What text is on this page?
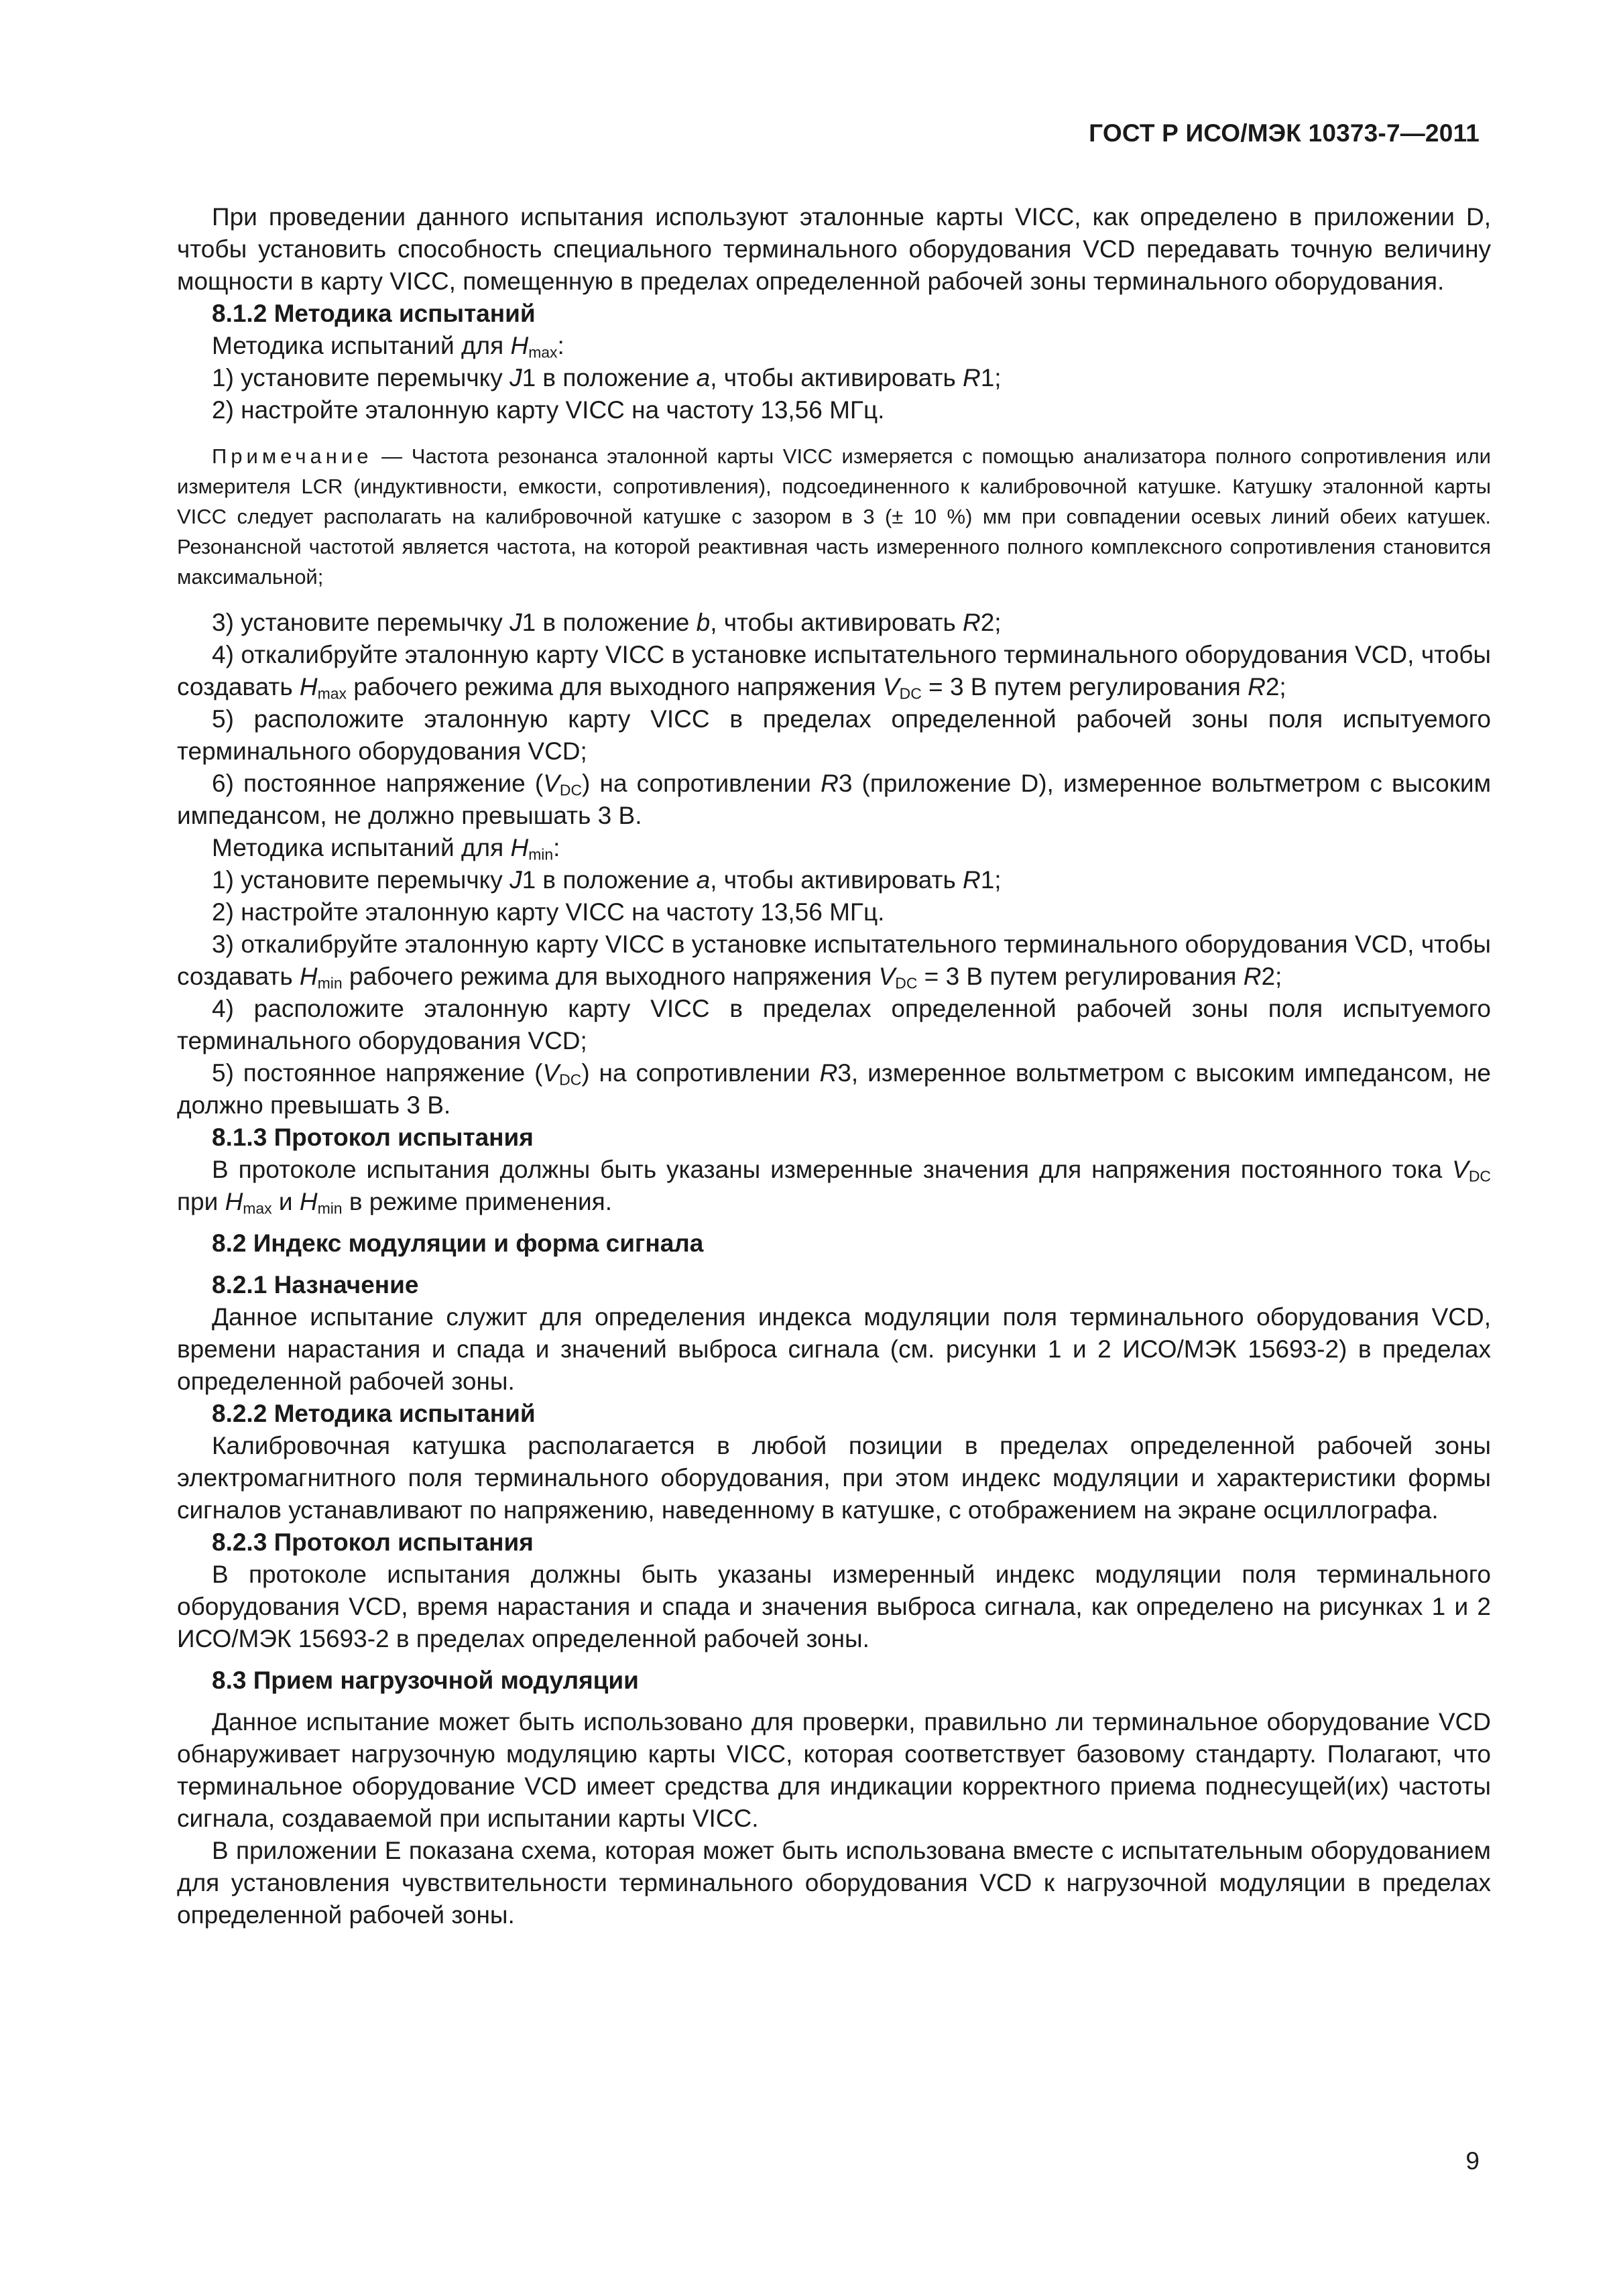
ГОСТ Р ИСО/МЭК 10373-7—2011

При проведении данного испытания используют эталонные карты VICC, как определено в приложении D, чтобы установить способность специального терминального оборудования VCD передавать точную величину мощности в карту VICC, помещенную в пределах определенной рабочей зоны терминального оборудования.

8.1.2 Методика испытаний

Методика испытаний для $H_{max}$:

1) установите перемычку J1 в положение a, чтобы активировать R1;

2) настройте эталонную карту VICC на частоту 13,56 МГц.

Примечание — Частота резонанса эталонной карты VICC измеряется с помощью анализатора полного сопротивления или измерителя LCR (индуктивности, емкости, сопротивления), подсоединенного к калибровочной катушке. Катушку эталонной карты VICC следует располагать на калибровочной катушке с зазором в 3 (± 10 %) мм при совпадении осевых линий обеих катушек. Резонансной частотой является частота, на которой реактивная часть измеренного полного комплексного сопротивления становится максимальной;

3) установите перемычку J1 в положение b, чтобы активировать R2;

4) откалибруйте эталонную карту VICC в установке испытательного терминального оборудования VCD, чтобы создавать $H_{max}$ рабочего режима для выходного напряжения $V_{DC} = 3$ В путем регулирования R2;

5) расположите эталонную карту VICC в пределах определенной рабочей зоны поля испытуемого терминального оборудования VCD;

6) постоянное напряжение $(V_{DC})$ на сопротивлении R3 (приложение D), измеренное вольтметром с высоким импедансом, не должно превышать 3 В.

Методика испытаний для $H_{min}$:

1) установите перемычку J1 в положение a, чтобы активировать R1;

2) настройте эталонную карту VICC на частоту 13,56 МГц.

3) откалибруйте эталонную карту VICC в установке испытательного терминального оборудования VCD, чтобы создавать $H_{min}$ рабочего режима для выходного напряжения $V_{DC} = 3$ В путем регулирования R2;

4) расположите эталонную карту VICC в пределах определенной рабочей зоны поля испытуемого терминального оборудования VCD;

5) постоянное напряжение $(V_{DC})$ на сопротивлении R3, измеренное вольтметром с высоким импедансом, не должно превышать 3 В.

8.1.3 Протокол испытания

В протоколе испытания должны быть указаны измеренные значения для напряжения постоянного тока $V_{DC}$ при $H_{max}$ и $H_{min}$ в режиме применения.

8.2 Индекс модуляции и форма сигнала
8.2.1 Назначение

Данное испытание служит для определения индекса модуляции поля терминального оборудования VCD, времени нарастания и спада и значений выброса сигнала (см. рисунки 1 и 2 ИСО/МЭК 15693-2) в пределах определенной рабочей зоны.

8.2.2 Методика испытаний

Калибровочная катушка располагается в любой позиции в пределах определенной рабочей зоны электромагнитного поля терминального оборудования, при этом индекс модуляции и характеристики формы сигналов устанавливают по напряжению, наведенному в катушке, с отображением на экране осциллографа.

8.2.3 Протокол испытания

В протоколе испытания должны быть указаны измеренный индекс модуляции поля терминального оборудования VCD, время нарастания и спада и значения выброса сигнала, как определено на рисунках 1 и 2 ИСО/МЭК 15693-2 в пределах определенной рабочей зоны.

8.3 Прием нагрузочной модуляции

Данное испытание может быть использовано для проверки, правильно ли терминальное оборудование VCD обнаруживает нагрузочную модуляцию карты VICC, которая соответствует базовому стандарту. Полагают, что терминальное оборудование VCD имеет средства для индикации корректного приема поднесущей(их) частоты сигнала, создаваемой при испытании карты VICC.

В приложении Е показана схема, которая может быть использована вместе с испытательным оборудованием для установления чувствительности терминального оборудования VCD к нагрузочной модуляции в пределах определенной рабочей зоны.

9
